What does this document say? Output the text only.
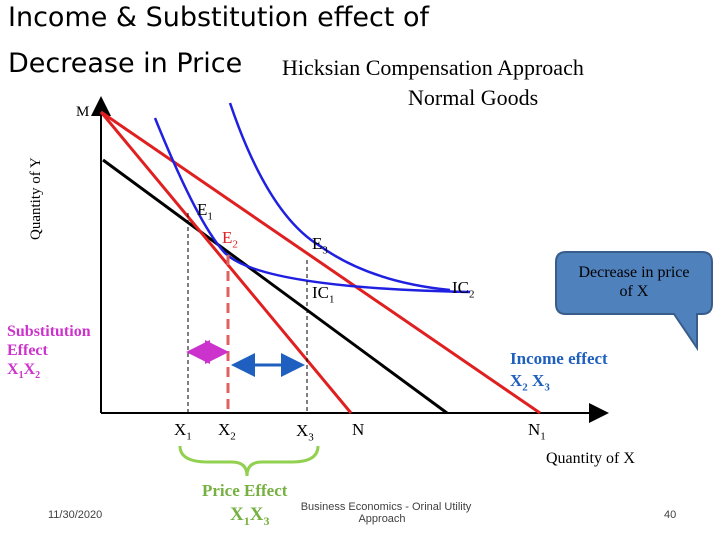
Income & Substitution effect of
Decrease in Price Hicksian Compensation Approach
Normal Goods
Quantity of Y
M
Quantity of X
$E_1$
$E_2$	$E_3$
$IC_1$
$IC_2$
$X_1$ $X_2$	$X_3$ N	$N_1$
Substitution
Effect
$X_1X_2$
Income effect
$X_2$ $X_3$
Price Effect
$X_1X_3$
Decrease in price
of X
11/30/2020
Business Economics - Orinal Utility
Approach	40
